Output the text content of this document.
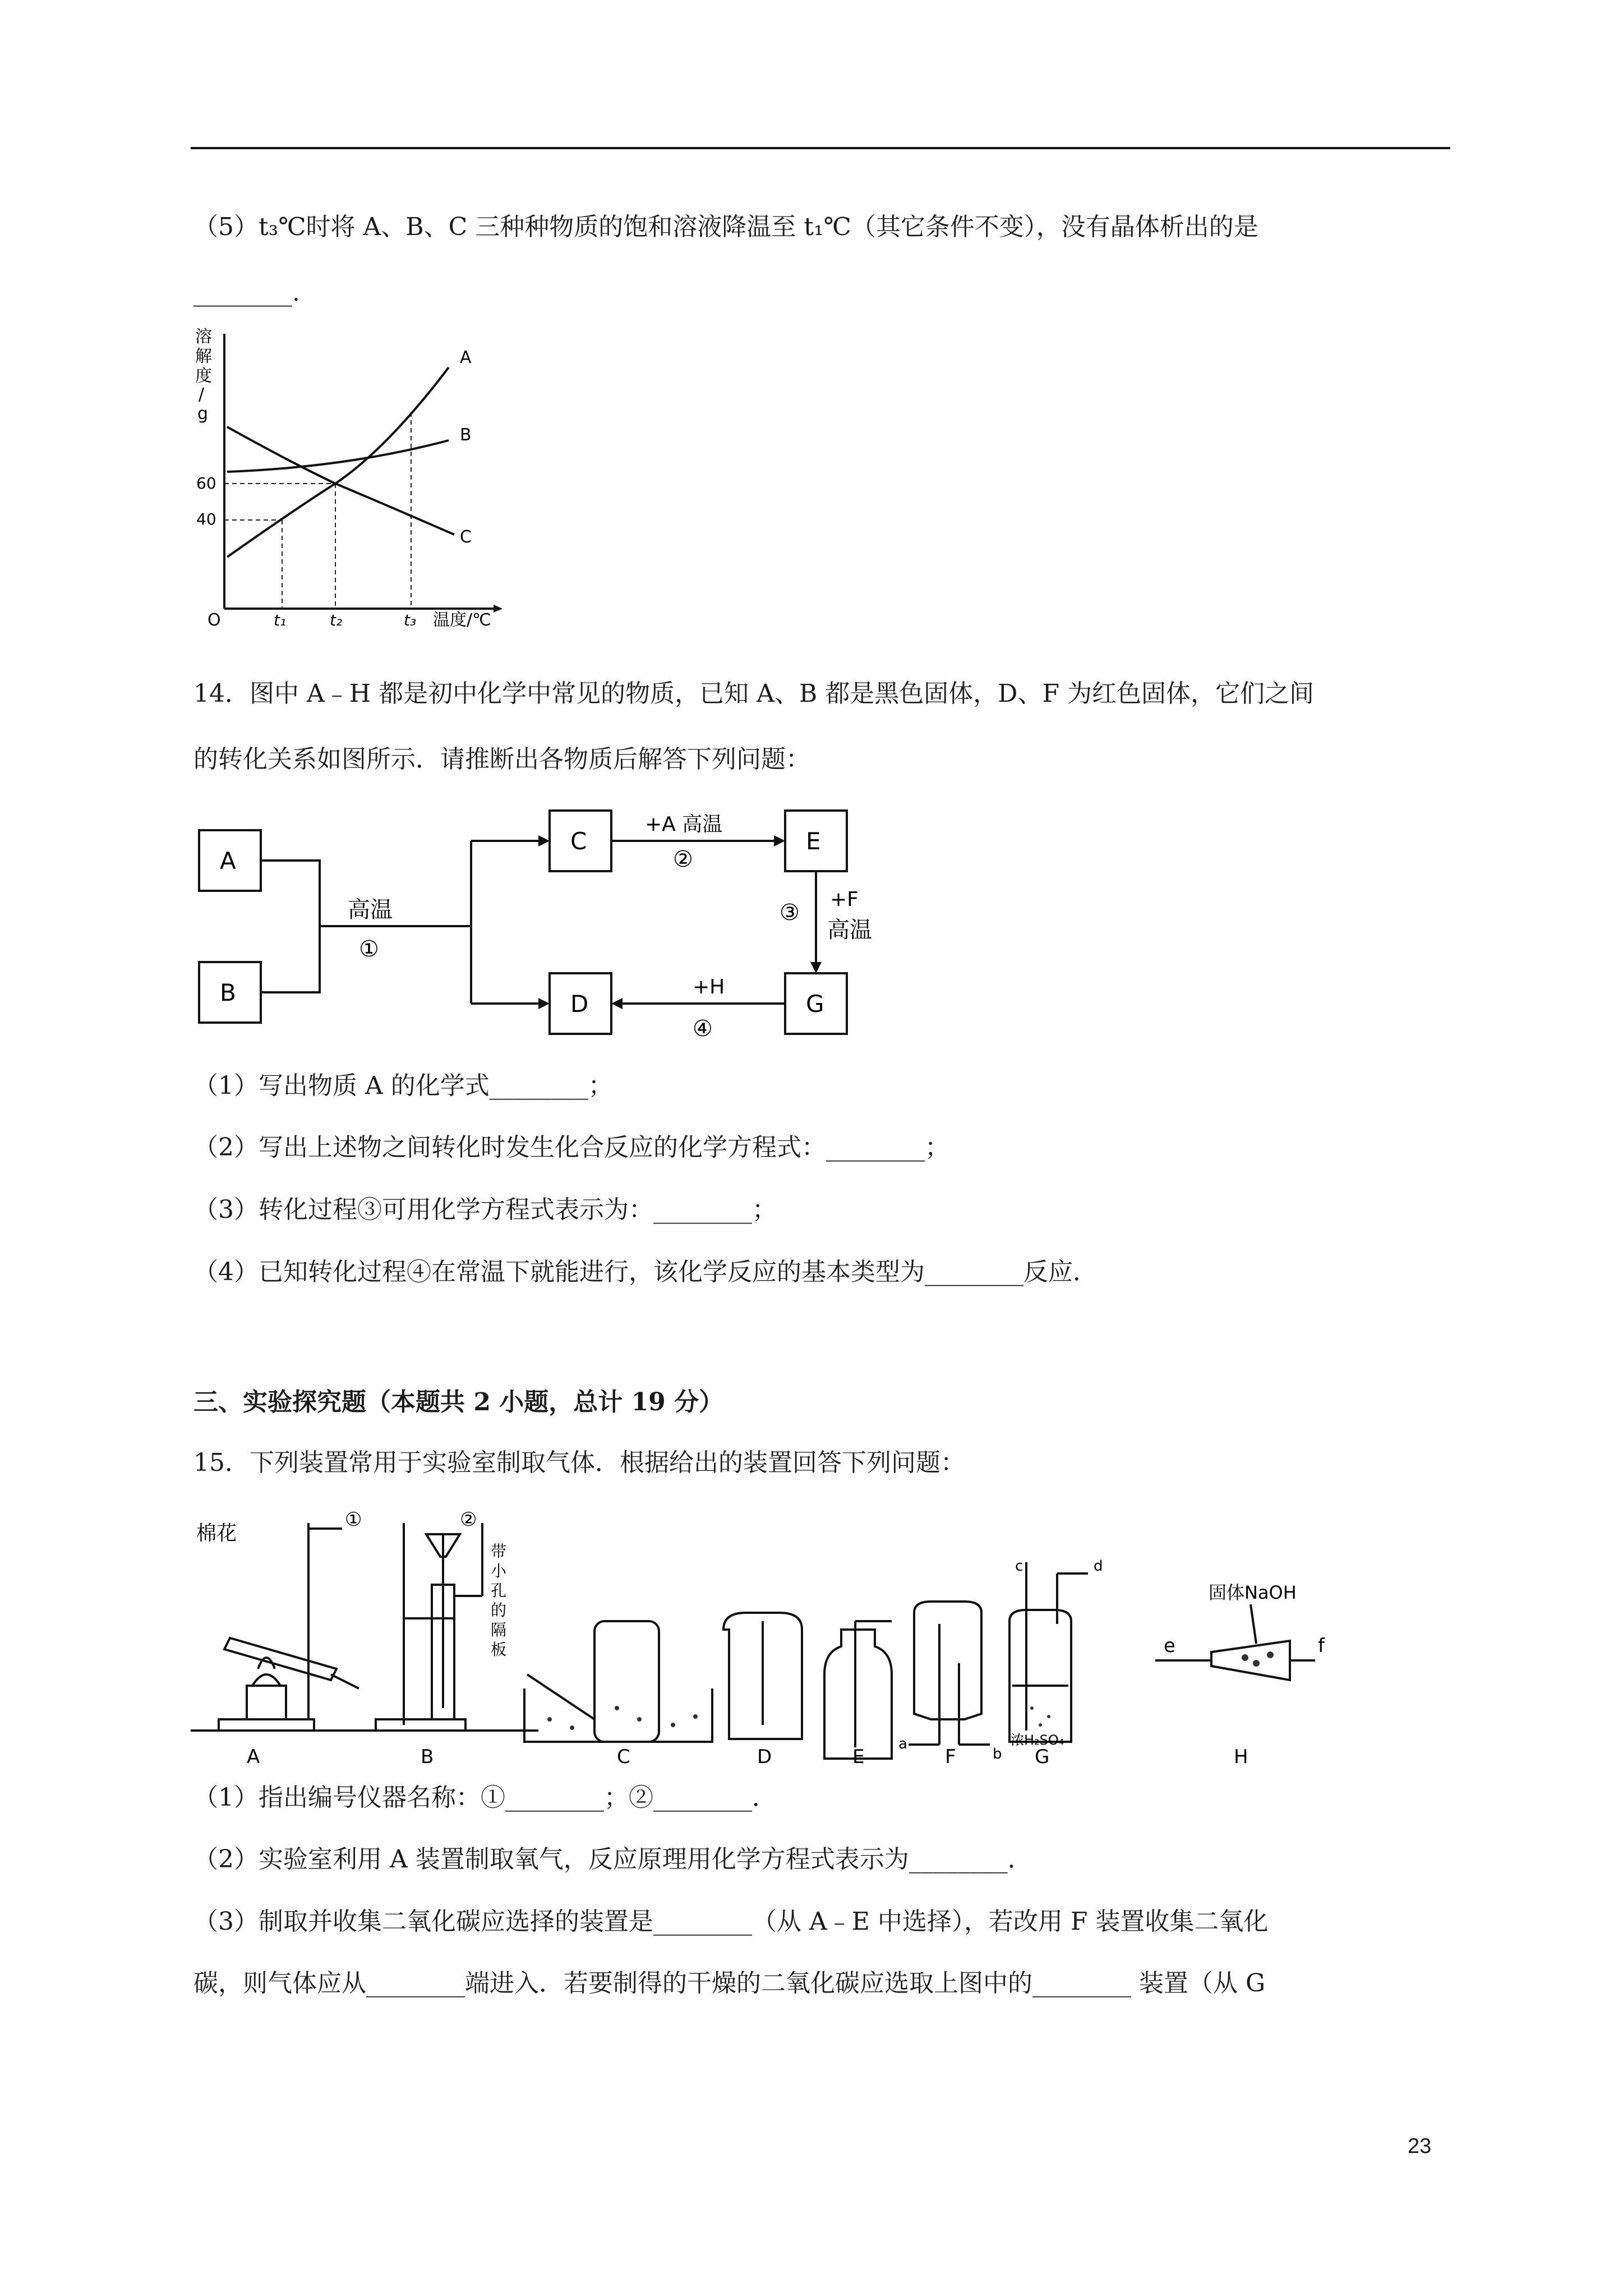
（5）t₃℃时将 A、B、C 三种种物质的饱和溶液降温至 t₁℃（其它条件不变），没有晶体析出的是
________.
溶
解
度
/
g
60
40
O	t₁	t₂	t₃ 温度/℃
A
B
C
14．图中 A﹣H 都是初中化学中常见的物质，已知 A、B 都是黑色固体，D、F 为红色固体，它们之间
的转化关系如图所示．请推断出各物质后解答下列问题：
A
B
C
D
E
G
高温
①
+A 高温
②
③
+F
高温
+H
④
（1）写出物质 A 的化学式________；
（2）写出上述物之间转化时发生化合反应的化学方程式：________；
（3）转化过程③可用化学方程式表示为：________；
（4）已知转化过程④在常温下就能进行，该化学反应的基本类型为________反应．
三、实验探究题（本题共 2 小题，总计 19 分）
15．下列装置常用于实验室制取气体．根据给出的装置回答下列问题：
棉花
①	②
带
小
孔
的
隔
板
A	B	C	D	E	F	G	H
c	d
a
b
浓H₂SO₄
固体NaOH
e	f
（1）指出编号仪器名称：①________；②________．
（2）实验室利用 A 装置制取氧气，反应原理用化学方程式表示为________．
（3）制取并收集二氧化碳应选择的装置是________（从 A﹣E 中选择），若改用 F 装置收集二氧化
碳，则气体应从________端进入．若要制得的干燥的二氧化碳应选取上图中的________ 装置（从 G
23
